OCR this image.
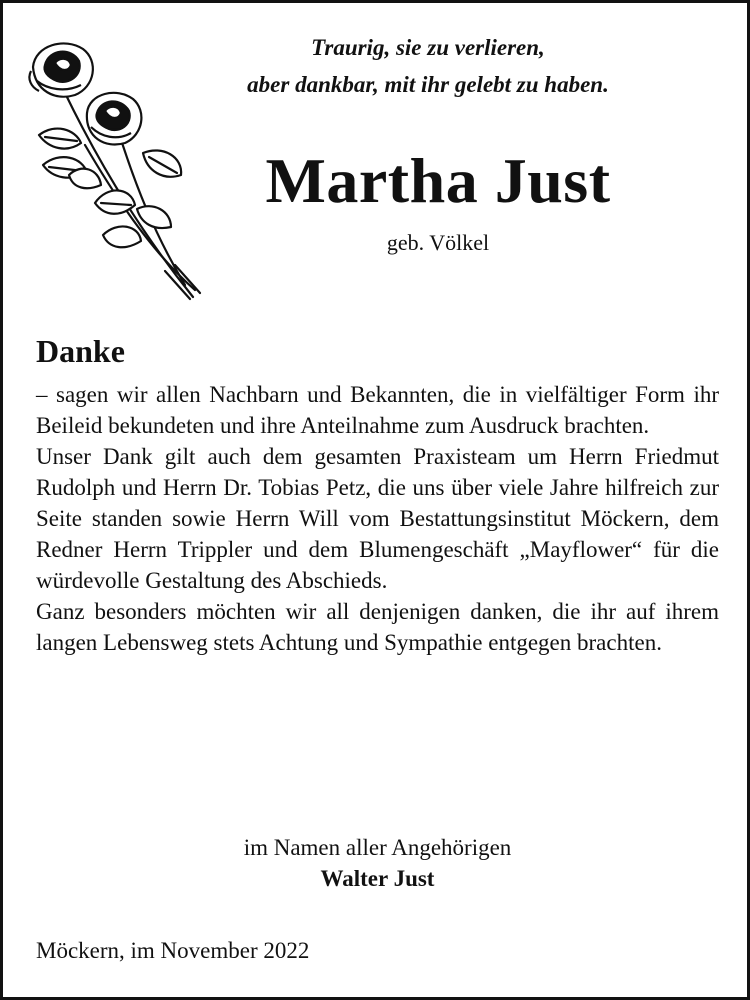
Traurig, sie zu verlieren,
aber dankbar, mit ihr gelebt zu haben.
Martha Just
geb. Völkel
Danke

– sagen wir allen Nachbarn und Bekannten, die in vielfältiger Form ihr Beileid bekundeten und ihre Anteilnahme zum Ausdruck brachten.

Unser Dank gilt auch dem gesamten Praxisteam um Herrn Friedmut Rudolph und Herrn Dr. Tobias Petz, die uns über viele Jahre hilfreich zur Seite standen sowie Herrn Will vom Bestattungsinstitut Möckern, dem Redner Herrn Trippler und dem Blumengeschäft „Mayflower“ für die würdevolle Gestaltung des Abschieds.

Ganz besonders möchten wir all denjenigen danken, die ihr auf ihrem langen Lebensweg stets Achtung und Sympathie entgegen brachten.

im Namen aller Angehörigen
Walter Just
Möckern, im November 2022
